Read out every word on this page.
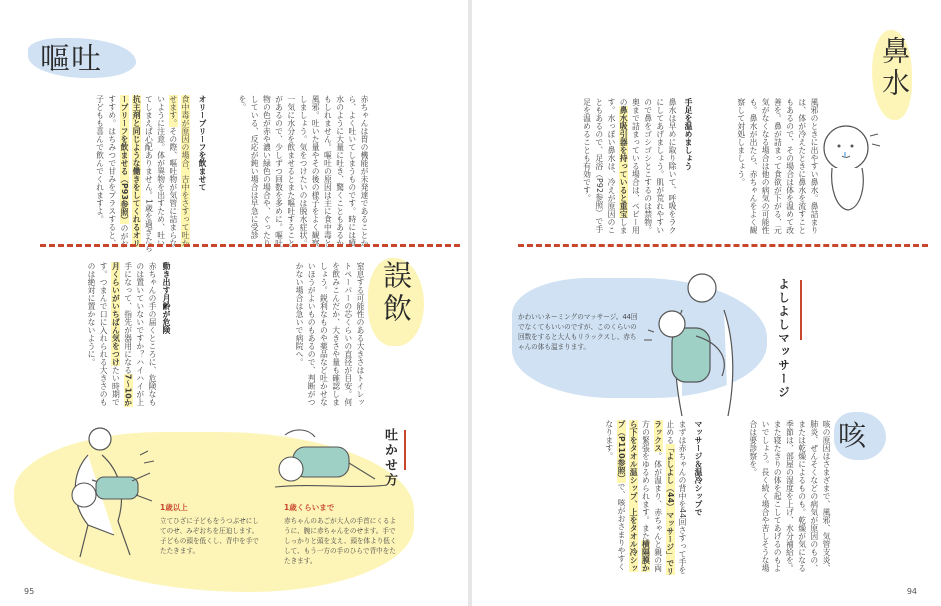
嘔吐
赤ちゃんは胃の機能が未発達であることから、よく吐いてしまうものです。時には噴水のように大量に吐き、驚くこともあるかもしれません。嘔吐の原因は主に食中毒と風邪。吐いた量やその後の様子をよく観察しましょう。気をつけたいのは脱水症状。一気に水分を飲ませるとまた嘔吐することがあるので、少しずつ回数を多めに。嘔吐物の色が赤や濃い緑色の場合や、ぐったりしている、反応が鈍い場合は早急に受診を。
オリーブリーフを飲ませて
食中毒が原因の場合、吉中をさすって吐かせます。その際、嘔吐物が気管に詰まらないように注意。体が異物を出すため、吐いてしまえば心配ありません。1歳を過ぎたら抗主剤と同じような働きをしてくれるオリーブリーフを飲ませる（P93参照）のがおすすめ。はちみつで甘みをプラスすると、子どもも喜んで飲んでくれますよ。
誤飲
窒息する可能性のある大きさはトイレットペーパーの芯くらいの直径が目安。何を飲みこんだか、大きさや量も確認しましょう。鋭利なものや薬品など吐かせないほうがよいものもあるので、判断がつかない場合は急いで病院へ。
動き出す月齢が危険
赤ちゃんの手の届くところに、危険なものは置いていないですか？ハイハイが上手になって、指先が器用になる7～10か月くらいがいちばん気をつけたい時期です。つまんで口に入れられる大きさのものは絶対に置かないように。
吐かせ方
1歳以上
立てひざに子どもをうつぶせにしてのせ、みぞおちを圧迫します。子どもの頭を低くし、背中を手でたたきます。
1歳くらいまで
赤ちゃんのあごが大人の手首にくるように、腕に赤ちゃんをのせます。手でしっかりと頭を支え、頭を体より低くして、もう一方の手のひらで背中をたたきます。
95
鼻水
風邪のときに出やすい鼻水。鼻詰まりは、体が冷えたときに鼻水を流すこともあるので、その場合は体を温めて改善を。鼻が詰まって食欲が下がる、元気がなくなる場合は他の病気の可能性も。鼻水が出たら、赤ちゃんをよく観察して対処しましょう。
手足を温めましょう
鼻水は早めに取り除いて、呼吸をラクにしてあげましょう。肌が荒れやすいので鼻をゴシゴシとこするのは禁物。奥まで詰まっている場合は、ベビー用の鼻水吸引器を持っていると重宝します。水っぽい鼻水は、冷えが原因のこともあるので、足浴（P92参照）で手足を温めることも有効です。
よしよしマッサージ
かわいいネーミングのマッサージ。44回でなくてもいいのですが、このくらいの回数をすると大人もリラックスし、赤ちゃんの体も温まります。
咳
咳の原因はさまざまで、風邪、気管支炎、肺炎、ぜんそくなどの病気が原因のもの、または乾燥によるものも。乾燥が気になる季節は、部屋の湿度を上げ、水分補給を。また寝たきりの体を起こしてあげるのもよいでしょう。長く続く場合や苦しそうな場合は要診察を。
マッサージ＆温冷シップで
まずは赤ちゃんの背中を44回さすって手を止める「よしよし（44）マッサージ」でリラックス。体が温まり、赤ちゃんと親の両方の緊張をゆるめられます。また横隔膜から下をタオル温シップ、上をタオル冷シップ（P110参照）で、咳がおさまりやすくなります。
94
